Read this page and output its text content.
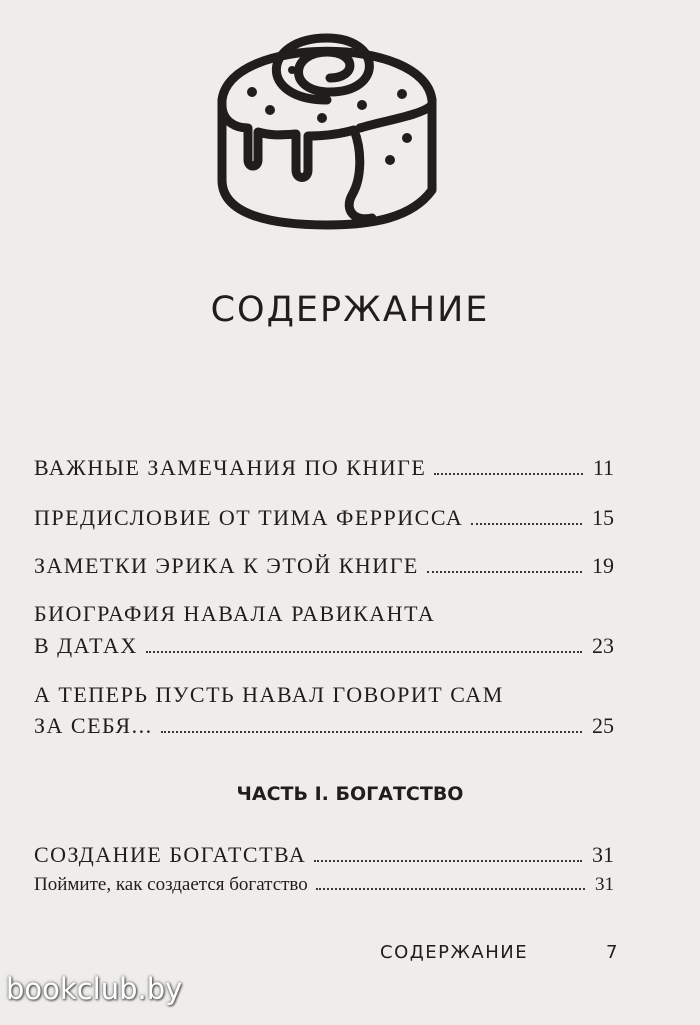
СОДЕРЖАНИЕ
ВАЖНЫЕ ЗАМЕЧАНИЯ ПО КНИГЕ	11
ПРЕДИСЛОВИЕ ОТ ТИМА ФЕРРИССА	15
ЗАМЕТКИ ЭРИКА К ЭТОЙ КНИГЕ	19
БИОГРАФИЯ НАВАЛА РАВИКАНТА
В ДАТАХ	23
А ТЕПЕРЬ ПУСТЬ НАВАЛ ГОВОРИТ САМ
ЗА СЕБЯ...	25
ЧАСТЬ I. БОГАТСТВО
СОЗДАНИЕ БОГАТСТВА	31
Поймите, как создается богатство	31
СОДЕРЖАНИЕ	7
bookclub.by
